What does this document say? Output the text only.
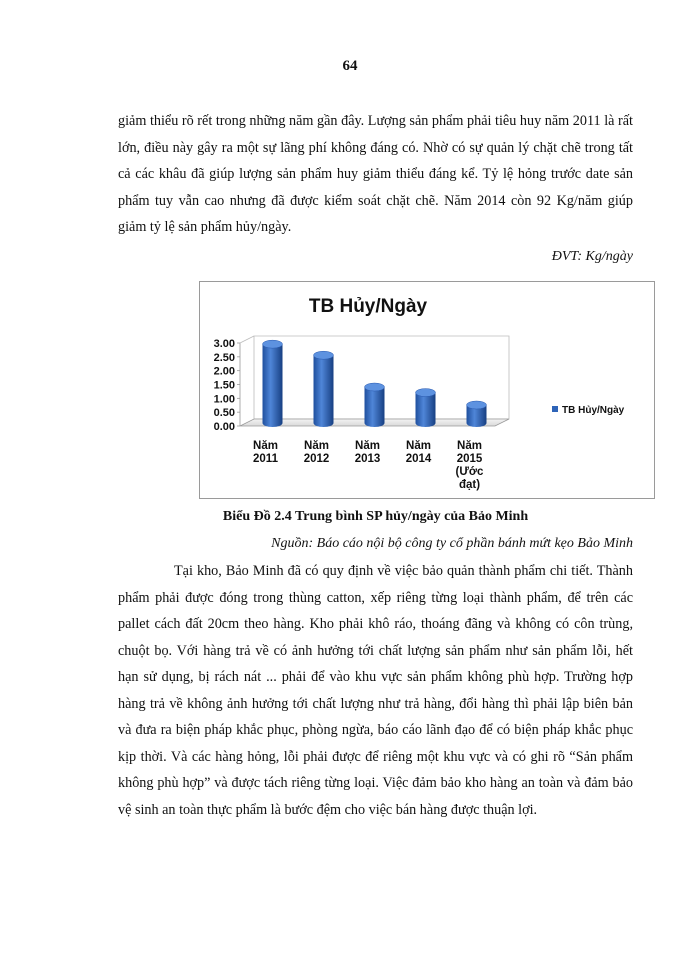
64

giảm thiểu rõ rết trong những năm gần đây. Lượng sản phẩm phải tiêu huy năm 2011 là rất lớn, điều này gây ra một sự lãng phí không đáng có. Nhờ có sự quản lý chặt chẽ trong tất cả các khâu đã giúp lượng sản phẩm huy giảm thiểu đáng kể. Tỷ lệ hỏng trước date sản phẩm tuy vẫn cao nhưng đã được kiểm soát chặt chẽ. Năm 2014 còn 92 Kg/năm giúp giảm tỷ lệ sản phẩm hủy/ngày.

ĐVT: Kg/ngày
TB Hủy/Ngày
0.00
0.50
1.00
1.50
2.00
2.50
3.00
Năm 2011
Năm 2012
Năm 2013
Năm 2014
Năm 2015 (Ước đạt)
TB Hủy/Ngày
Biểu Đồ 2.4 Trung bình SP hủy/ngày của Bảo Minh
Nguồn: Báo cáo nội bộ công ty cổ phần bánh mứt kẹo Bảo Minh

Tại kho, Bảo Minh đã có quy định về việc bảo quản thành phẩm chi tiết. Thành phẩm phải được đóng trong thùng catton, xếp riêng từng loại thành phẩm, để trên các pallet cách đất 20cm theo hàng. Kho phải khô ráo, thoáng đãng và không có côn trùng, chuột bọ. Với hàng trả về có ảnh hưởng tới chất lượng sản phẩm như sản phẩm lỗi, hết hạn sử dụng, bị rách nát ... phải để vào khu vực sản phẩm không phù hợp. Trường hợp hàng trả về không ảnh hưởng tới chất lượng như trả hàng, đổi hàng thì phải lập biên bản và đưa ra biện pháp khắc phục, phòng ngừa, báo cáo lãnh đạo để có biện pháp khắc phục kịp thời. Và các hàng hỏng, lỗi phải được để riêng một khu vực và có ghi rõ “Sản phẩm không phù hợp” và được tách riêng từng loại. Việc đảm bảo kho hàng an toàn và đảm bảo vệ sinh an toàn thực phẩm là bước đệm cho việc bán hàng được thuận lợi.
